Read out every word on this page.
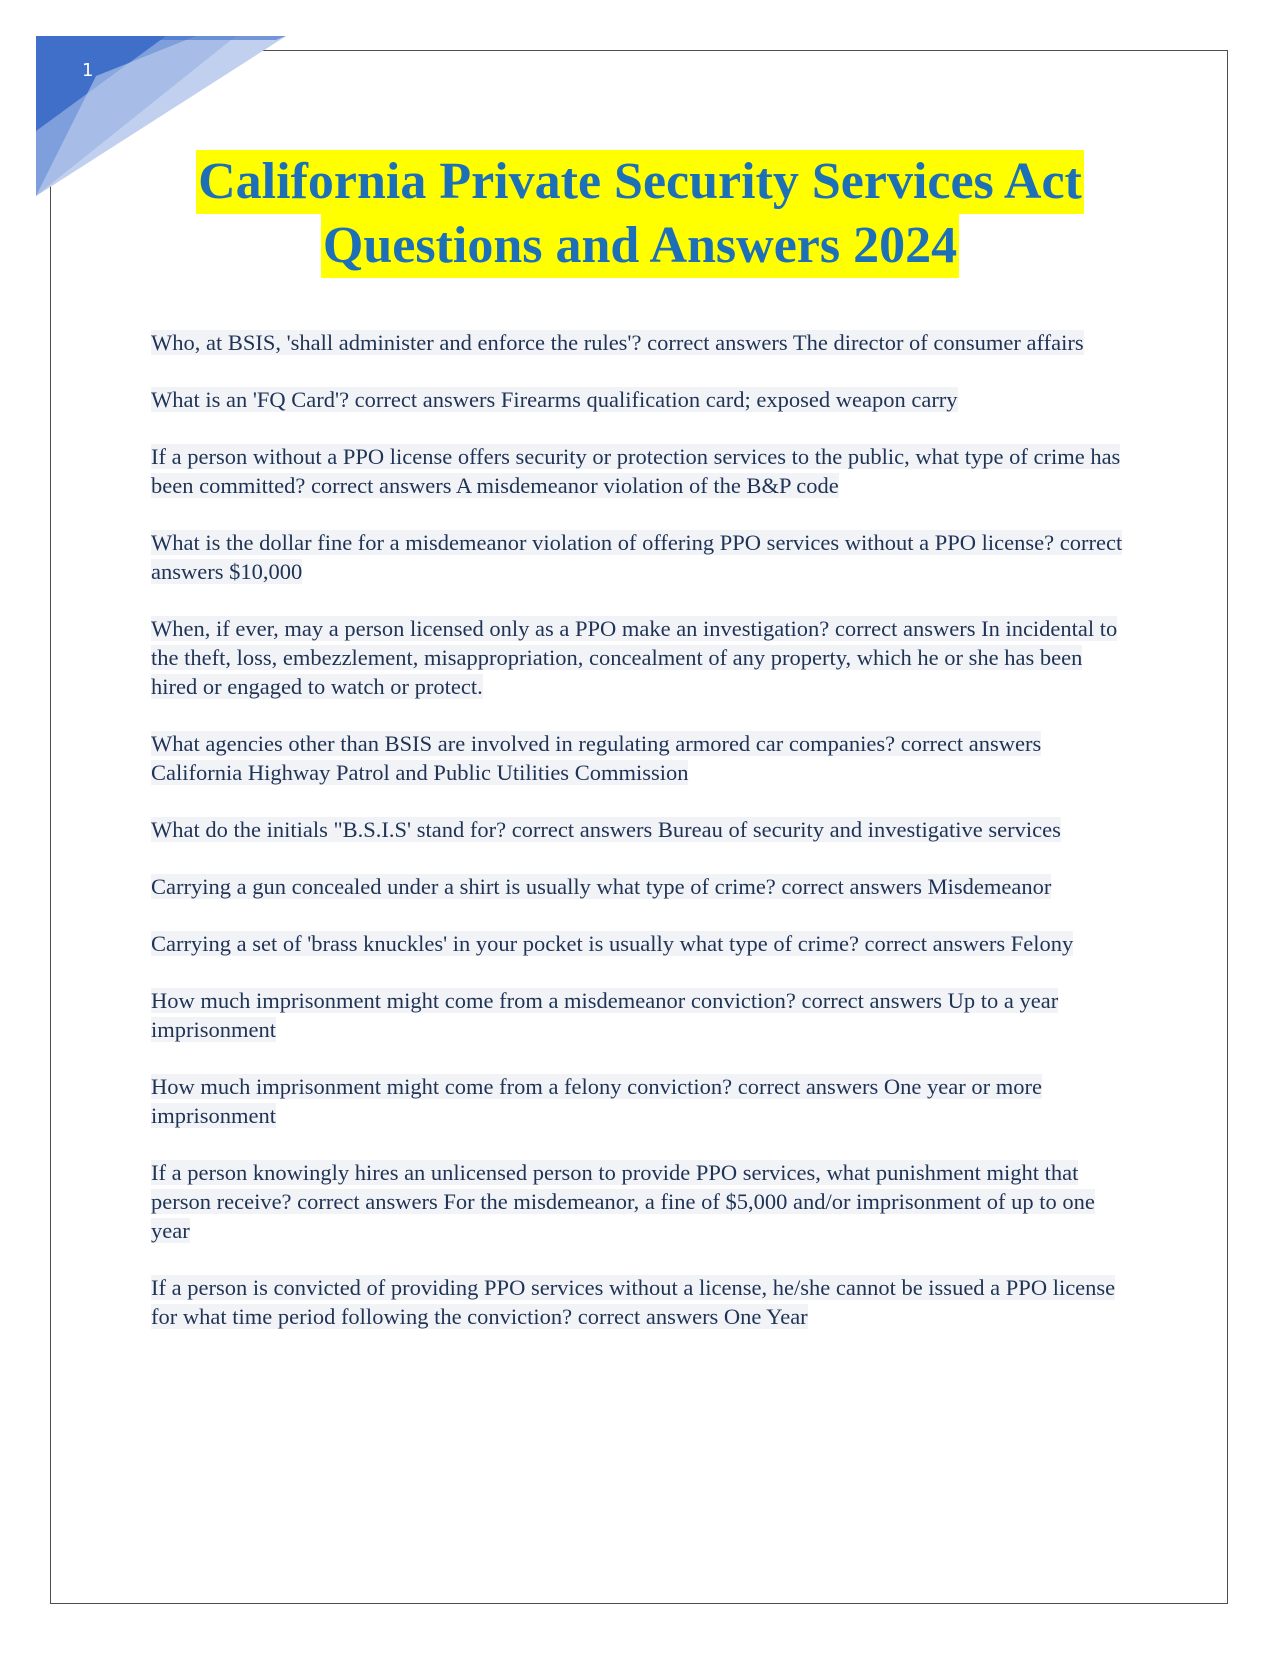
1
California Private Security Services Act
Questions and Answers 2024

Who, at BSIS, 'shall administer and enforce the rules'? correct answers The director of consumer affairs

What is an 'FQ Card'? correct answers Firearms qualification card; exposed weapon carry

If a person without a PPO license offers security or protection services to the public, what type of crime has been committed? correct answers A misdemeanor violation of the B&P code

What is the dollar fine for a misdemeanor violation of offering PPO services without a PPO license? correct answers $10,000

When, if ever, may a person licensed only as a PPO make an investigation? correct answers In incidental to the theft, loss, embezzlement, misappropriation, concealment of any property, which he or she has been hired or engaged to watch or protect.

What agencies other than BSIS are involved in regulating armored car companies? correct answers California Highway Patrol and Public Utilities Commission

What do the initials "B.S.I.S' stand for? correct answers Bureau of security and investigative services

Carrying a gun concealed under a shirt is usually what type of crime? correct answers Misdemeanor

Carrying a set of 'brass knuckles' in your pocket is usually what type of crime? correct answers Felony

How much imprisonment might come from a misdemeanor conviction? correct answers Up to a year imprisonment

How much imprisonment might come from a felony conviction? correct answers One year or more imprisonment

If a person knowingly hires an unlicensed person to provide PPO services, what punishment might that person receive? correct answers For the misdemeanor, a fine of $5,000 and/or imprisonment of up to one year

If a person is convicted of providing PPO services without a license, he/she cannot be issued a PPO license for what time period following the conviction? correct answers One Year
